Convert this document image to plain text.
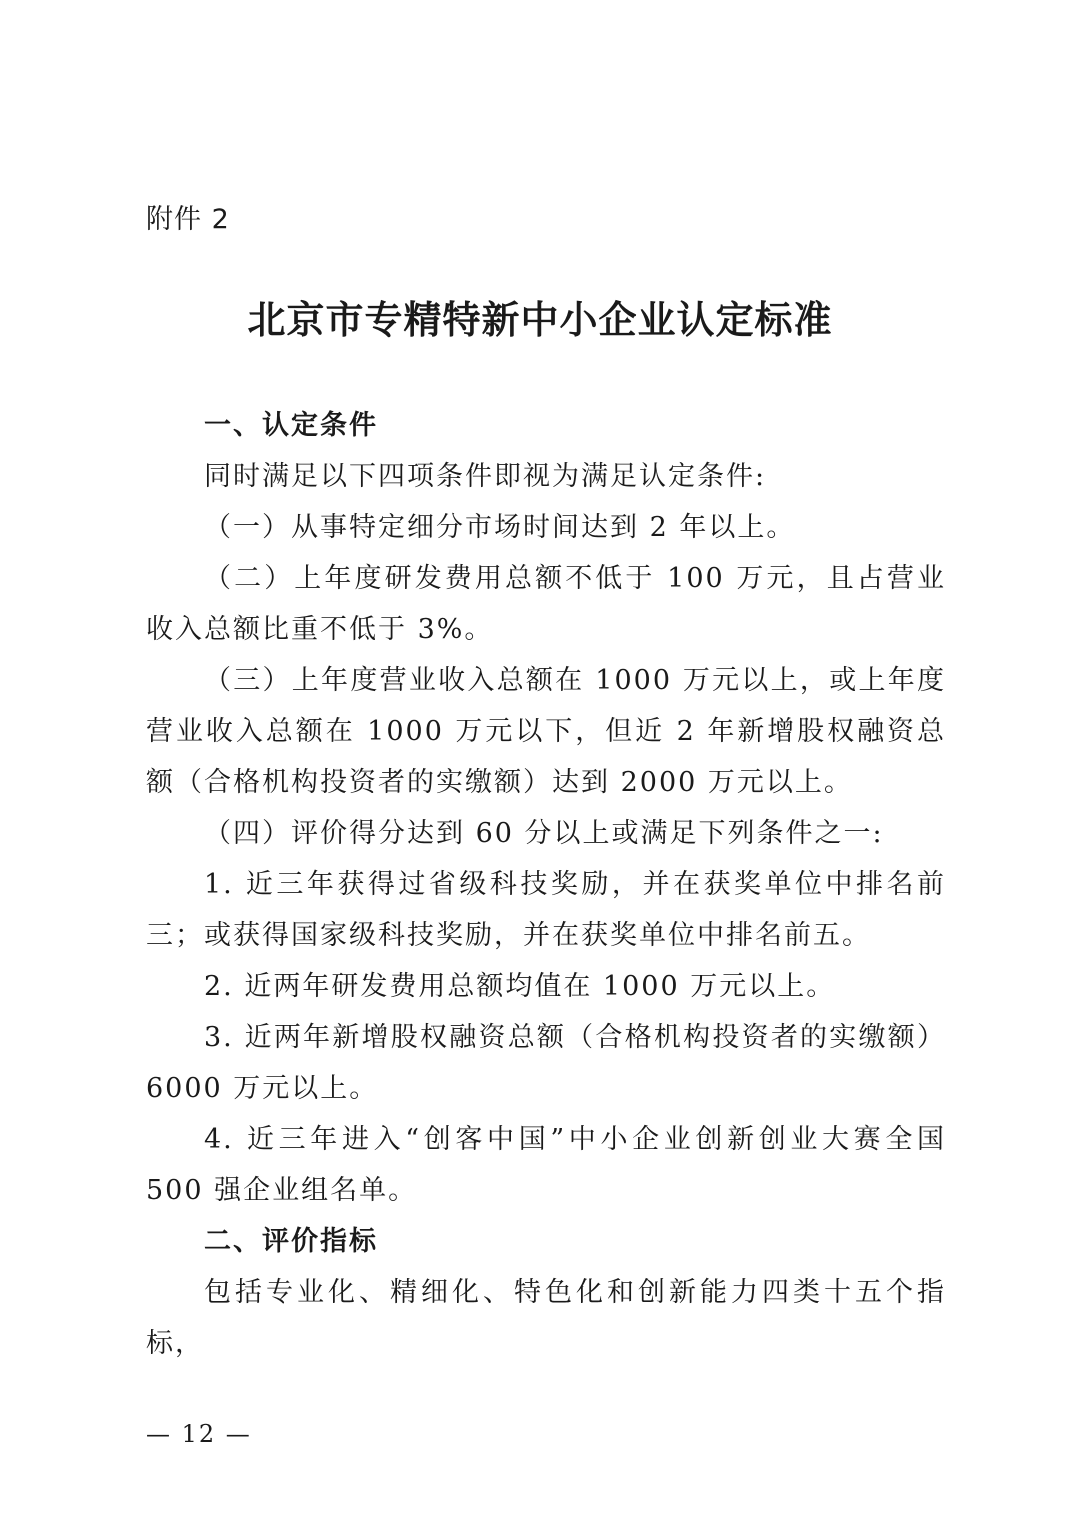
附件 2
北京市专精特新中小企业认定标准

一、认定条件

同时满足以下四项条件即视为满足认定条件:

（一）从事特定细分市场时间达到 2 年以上。

（二）上年度研发费用总额不低于 100 万元，且占营业收入总额比重不低于 3%。

（三）上年度营业收入总额在 1000 万元以上，或上年度营业收入总额在 1000 万元以下，但近 2 年新增股权融资总额（合格机构投资者的实缴额）达到 2000 万元以上。

（四）评价得分达到 60 分以上或满足下列条件之一:

1. 近三年获得过省级科技奖励，并在获奖单位中排名前三；或获得国家级科技奖励，并在获奖单位中排名前五。

2. 近两年研发费用总额均值在 1000 万元以上。

3. 近两年新增股权融资总额（合格机构投资者的实缴额）6000 万元以上。

4. 近三年进入“创客中国”中小企业创新创业大赛全国 500 强企业组名单。

二、评价指标

包括专业化、精细化、特色化和创新能力四类十五个指标，

— 12 —
